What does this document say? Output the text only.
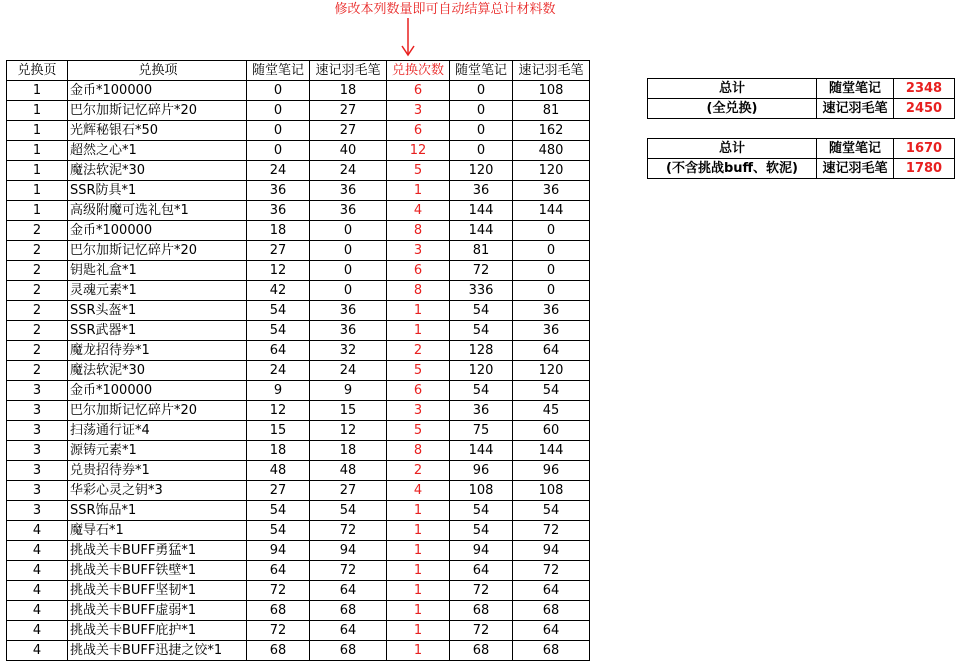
修改本列数量即可自动结算总计材料数
兑换页	兑换项	随堂笔记	速记羽毛笔	兑换次数	随堂笔记	速记羽毛笔
1	金币*100000	0	18	6	0	108
1	巴尔加斯记忆碎片*20	0	27	3	0	81
1	光辉秘银石*50	0	27	6	0	162
1	超然之心*1	0	40	12	0	480
1	魔法软泥*30	24	24	5	120	120
1	SSR防具*1	36	36	1	36	36
1	高级附魔可选礼包*1	36	36	4	144	144
2	金币*100000	18	0	8	144	0
2	巴尔加斯记忆碎片*20	27	0	3	81	0
2	钥匙礼盒*1	12	0	6	72	0
2	灵魂元素*1	42	0	8	336	0
2	SSR头盔*1	54	36	1	54	36
2	SSR武器*1	54	36	1	54	36
2	魔龙招待券*1	64	32	2	128	64
2	魔法软泥*30	24	24	5	120	120
3	金币*100000	9	9	6	54	54
3	巴尔加斯记忆碎片*20	12	15	3	36	45
3	扫荡通行证*4	15	12	5	75	60
3	源铸元素*1	18	18	8	144	144
3	兑贵招待券*1	48	48	2	96	96
3	华彩心灵之钥*3	27	27	4	108	108
3	SSR饰品*1	54	54	1	54	54
4	魔导石*1	54	72	1	54	72
4	挑战关卡BUFF勇猛*1	94	94	1	94	94
4	挑战关卡BUFF铁壁*1	64	72	1	64	72
4	挑战关卡BUFF坚韧*1	72	64	1	72	64
4	挑战关卡BUFF虚弱*1	68	68	1	68	68
4	挑战关卡BUFF庇护*1	72	64	1	72	64
4	挑战关卡BUFF迅捷之饺*1	68	68	1	68	68
总计	随堂笔记	2348
(全兑换)	速记羽毛笔	2450
总计	随堂笔记	1670
(不含挑战buff、软泥)	速记羽毛笔	1780
